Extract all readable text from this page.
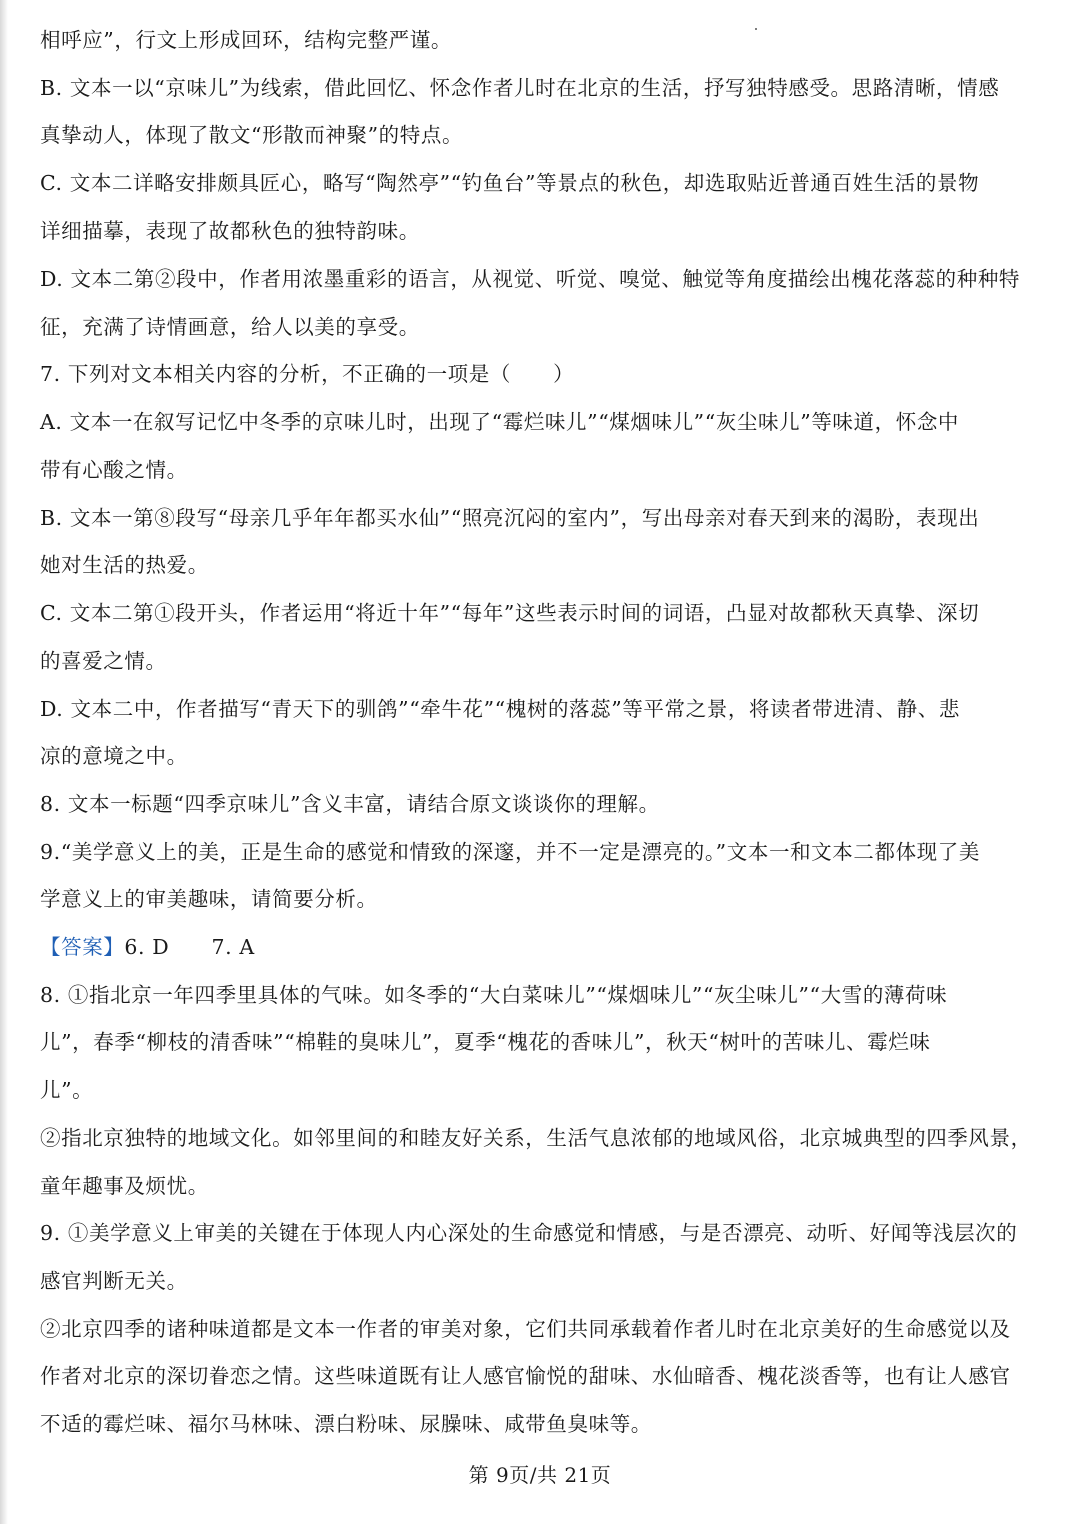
相呼应”，行文上形成回环，结构完整严谨。
B. 文本一以“京味儿”为线索，借此回忆、怀念作者儿时在北京的生活，抒写独特感受。思路清晰，情感
真挚动人，体现了散文“形散而神聚”的特点。
C. 文本二详略安排颇具匠心，略写“陶然亭”“钓鱼台”等景点的秋色，却选取贴近普通百姓生活的景物
详细描摹，表现了故都秋色的独特韵味。
D. 文本二第②段中，作者用浓墨重彩的语言，从视觉、听觉、嗅觉、触觉等角度描绘出槐花落蕊的种种特
征，充满了诗情画意，给人以美的享受。
7. 下列对文本相关内容的分析，不正确的一项是（　　）
A. 文本一在叙写记忆中冬季的京味儿时，出现了“霉烂味儿”“煤烟味儿”“灰尘味儿”等味道，怀念中
带有心酸之情。
B. 文本一第⑧段写“母亲几乎年年都买水仙”“照亮沉闷的室内”，写出母亲对春天到来的渴盼，表现出
她对生活的热爱。
C. 文本二第①段开头，作者运用“将近十年”“每年”这些表示时间的词语，凸显对故都秋天真挚、深切
的喜爱之情。
D. 文本二中，作者描写“青天下的驯鸽”“牵牛花”“槐树的落蕊”等平常之景，将读者带进清、静、悲
凉的意境之中。
8. 文本一标题“四季京味儿”含义丰富，请结合原文谈谈你的理解。
9.“美学意义上的美，正是生命的感觉和情致的深邃，并不一定是漂亮的。”文本一和文本二都体现了美
学意义上的审美趣味，请简要分析。
【答案】6. D　　7. A
8. ①指北京一年四季里具体的气味。如冬季的“大白菜味儿”“煤烟味儿”“灰尘味儿”“大雪的薄荷味
儿”，春季“柳枝的清香味”“棉鞋的臭味儿”，夏季“槐花的香味儿”，秋天“树叶的苦味儿、霉烂味
儿”。
②指北京独特的地域文化。如邻里间的和睦友好关系，生活气息浓郁的地域风俗，北京城典型的四季风景，
童年趣事及烦忧。
9. ①美学意义上审美的关键在于体现人内心深处的生命感觉和情感，与是否漂亮、动听、好闻等浅层次的
感官判断无关。
②北京四季的诸种味道都是文本一作者的审美对象，它们共同承载着作者儿时在北京美好的生命感觉以及
作者对北京的深切眷恋之情。这些味道既有让人感官愉悦的甜味、水仙暗香、槐花淡香等，也有让人感官
不适的霉烂味、福尔马林味、漂白粉味、尿臊味、咸带鱼臭味等。
第 9页/共 21页
